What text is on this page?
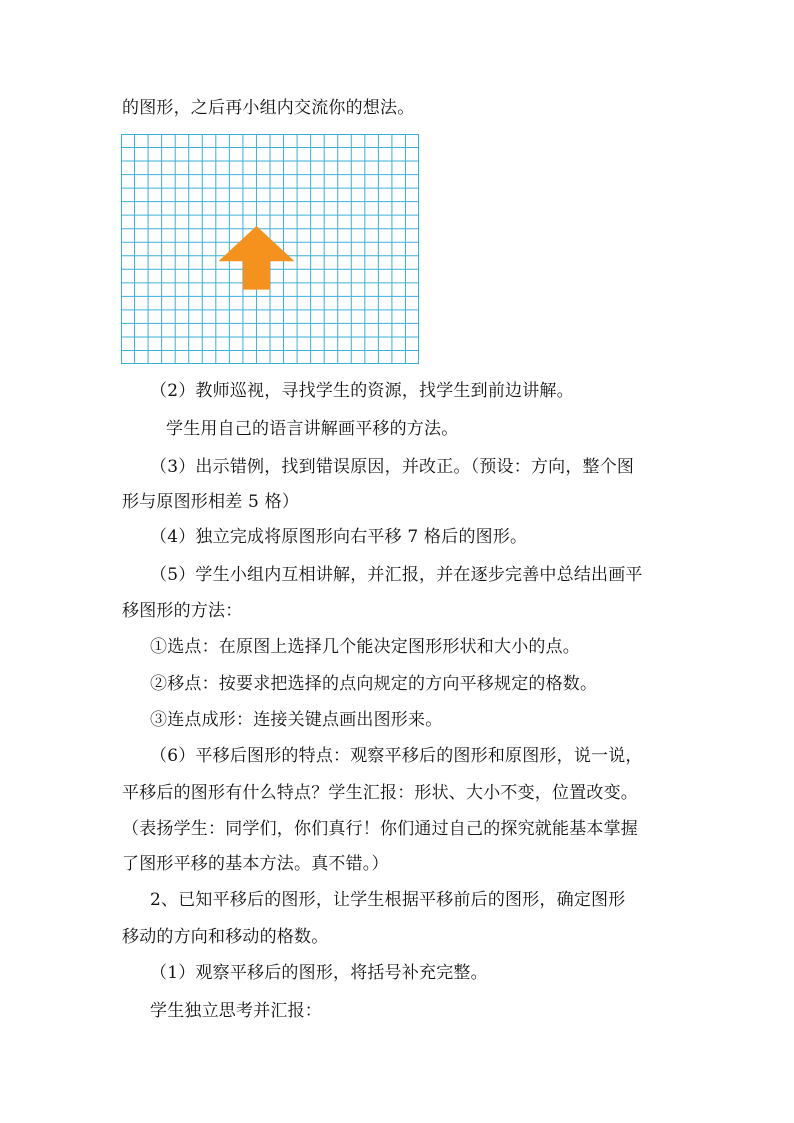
的图形，之后再小组内交流你的想法。
（2）教师巡视，寻找学生的资源，找学生到前边讲解。
学生用自己的语言讲解画平移的方法。
（3）出示错例，找到错误原因，并改正。（预设：方向，整个图
形与原图形相差 5 格）
（4）独立完成将原图形向右平移 7 格后的图形。
（5）学生小组内互相讲解，并汇报，并在逐步完善中总结出画平
移图形的方法：
①选点：在原图上选择几个能决定图形形状和大小的点。
②移点：按要求把选择的点向规定的方向平移规定的格数。
③连点成形：连接关键点画出图形来。
（6）平移后图形的特点：观察平移后的图形和原图形，说一说，
平移后的图形有什么特点？学生汇报：形状、大小不变，位置改变。
（表扬学生：同学们，你们真行！你们通过自己的探究就能基本掌握
了图形平移的基本方法。真不错。）
2、已知平移后的图形，让学生根据平移前后的图形，确定图形
移动的方向和移动的格数。
（1）观察平移后的图形，将括号补充完整。
学生独立思考并汇报：
